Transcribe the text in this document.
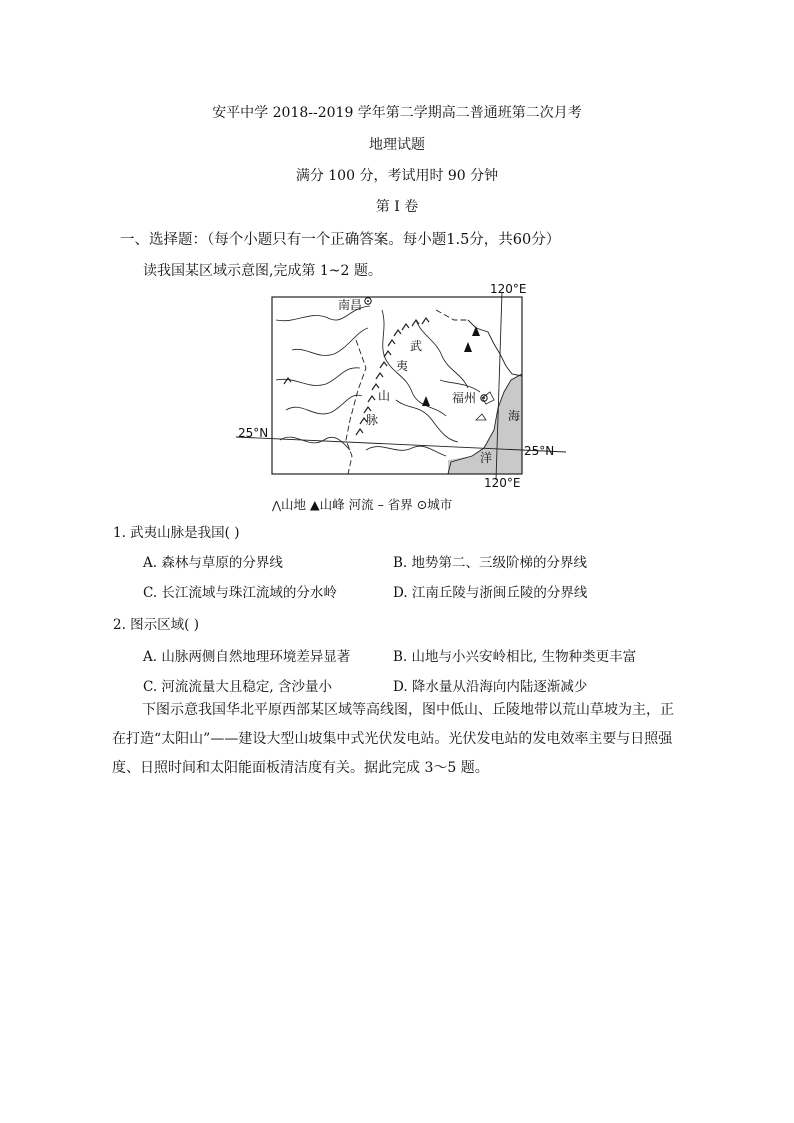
安平中学 2018--2019 学年第二学期高二普通班第二次月考
地理试题
满分 100 分，考试用时 90 分钟
第 I 卷
一、选择题：（每个小题只有一个正确答案。每小题1.5分，共60分）
读我国某区域示意图,完成第 1~2 题。
南昌
福州
武
夷
山
脉	海
洋
120°E
120°E
25°N
25°N
⋀山地 ▲山峰 河流 – 省界 ⊙城市
1. 武夷山脉是我国( )
A. 森林与草原的分界线	B. 地势第二、三级阶梯的分界线
C. 长江流域与珠江流域的分水岭	D. 江南丘陵与浙闽丘陵的分界线
2. 图示区域( )
A. 山脉两侧自然地理环境差异显著	B. 山地与小兴安岭相比, 生物种类更丰富
C. 河流流量大且稳定, 含沙量小	D. 降水量从沿海向内陆逐渐减少
下图示意我国华北平原西部某区域等高线图，图中低山、丘陵地带以荒山草坡为主，正在打造“太阳山”——建设大型山坡集中式光伏发电站。光伏发电站的发电效率主要与日照强度、日照时间和太阳能面板清洁度有关。据此完成 3～5 题。
